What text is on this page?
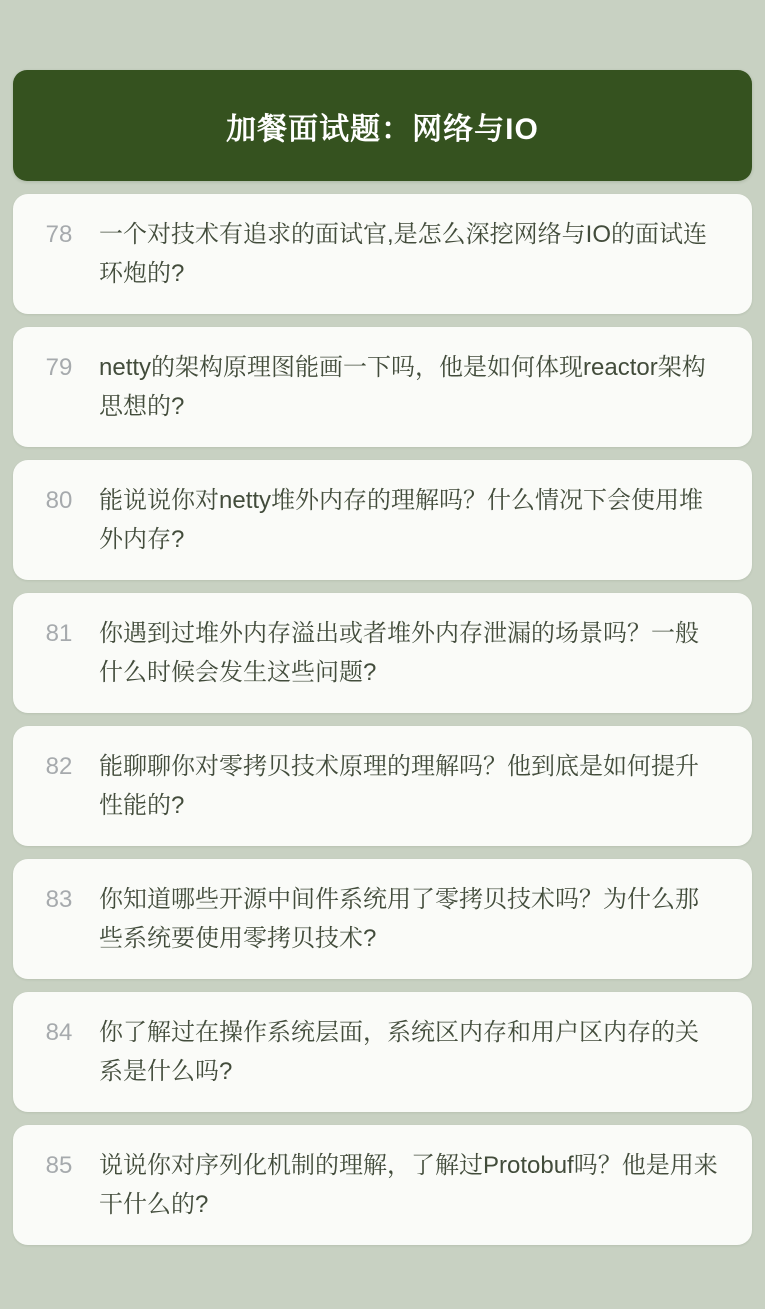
加餐面试题：网络与IO
78 一个对技术有追求的面试官,是怎么深挖网络与IO的面试连环炮的?

79 netty的架构原理图能画一下吗，他是如何体现reactor架构思想的?

80 能说说你对netty堆外内存的理解吗？什么情况下会使用堆外内存?

81 你遇到过堆外内存溢出或者堆外内存泄漏的场景吗？一般什么时候会发生这些问题?

82 能聊聊你对零拷贝技术原理的理解吗？他到底是如何提升性能的?

83 你知道哪些开源中间件系统用了零拷贝技术吗？为什么那些系统要使用零拷贝技术?

84 你了解过在操作系统层面，系统区内存和用户区内存的关系是什么吗?

85 说说你对序列化机制的理解，了解过Protobuf吗？他是用来干什么的?
